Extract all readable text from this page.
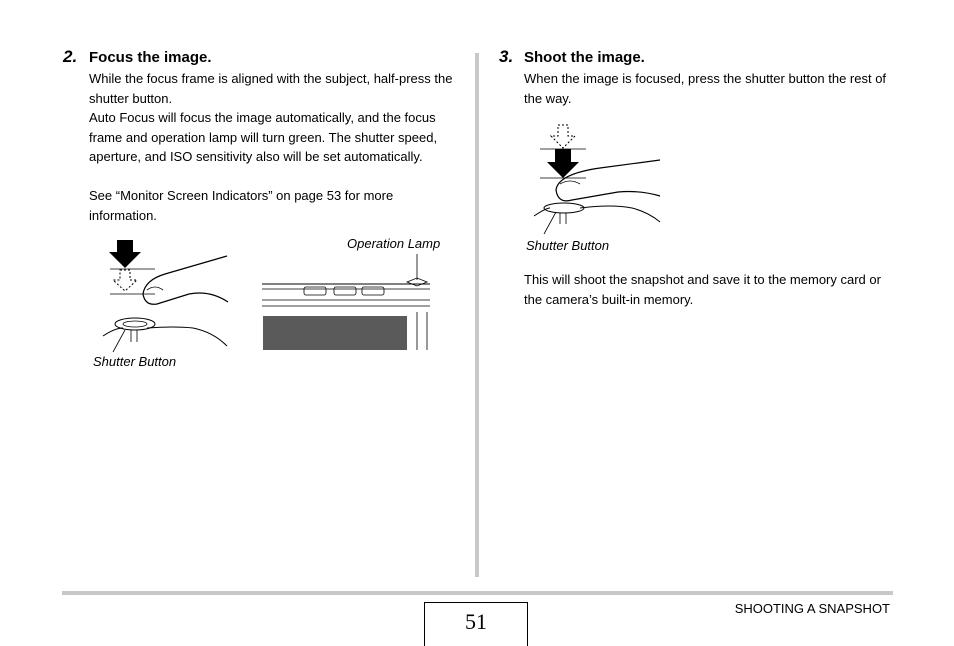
2. Focus the image.
While the focus frame is aligned with the subject, half-press the shutter button.
Auto Focus will focus the image automatically, and the focus frame and operation lamp will turn green. The shutter speed, aperture, and ISO sensitivity also will be set automatically.
See “Monitor Screen Indicators” on page 53 for more information.
Operation Lamp
Shutter Button
3. Shoot the image.
When the image is focused, press the shutter button the rest of the way.
Shutter Button
This will shoot the snapshot and save it to the memory card or the camera’s built-in memory.
51
SHOOTING A SNAPSHOT
